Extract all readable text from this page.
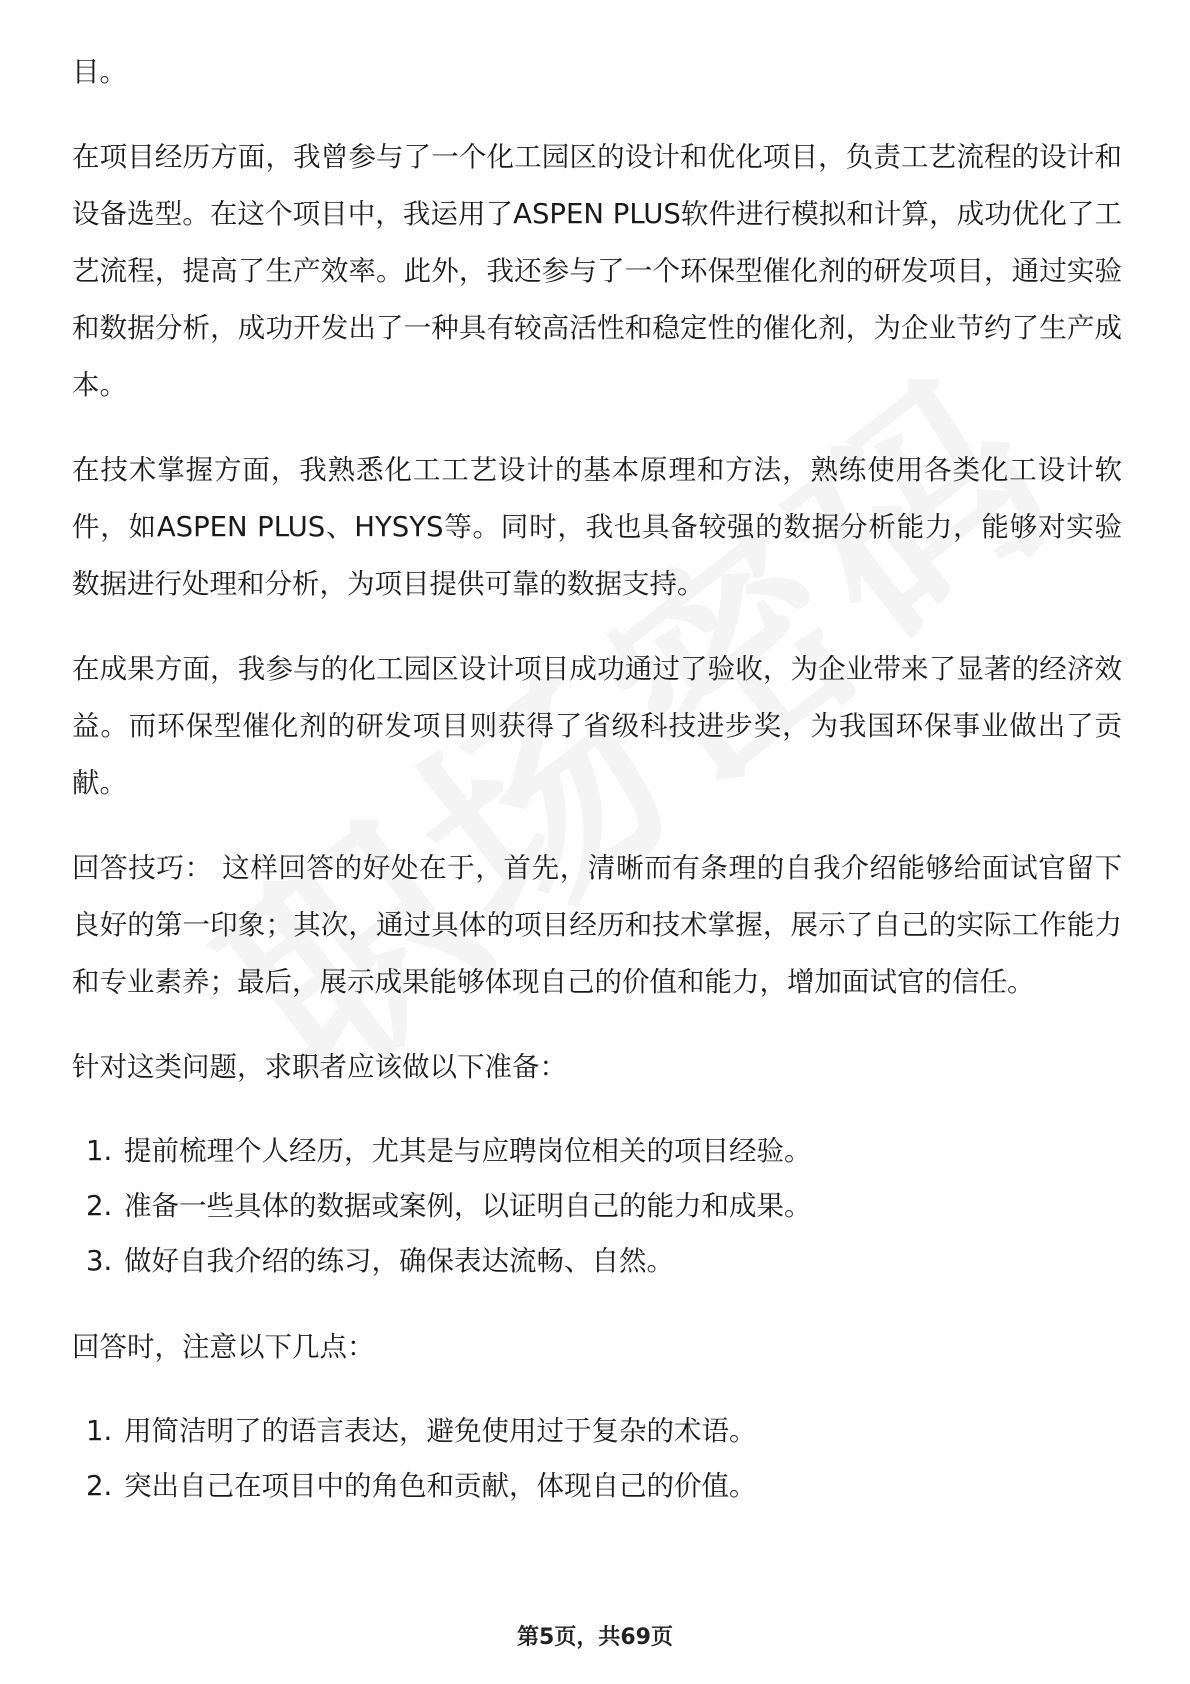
目。

在项目经历方面，我曾参与了一个化工园区的设计和优化项目，负责工艺流程的设计和设备选型。在这个项目中，我运用了ASPEN PLUS软件进行模拟和计算，成功优化了工艺流程，提高了生产效率。此外，我还参与了一个环保型催化剂的研发项目，通过实验和数据分析，成功开发出了一种具有较高活性和稳定性的催化剂，为企业节约了生产成本。

在技术掌握方面，我熟悉化工工艺设计的基本原理和方法，熟练使用各类化工设计软件，如ASPEN PLUS、HYSYS等。同时，我也具备较强的数据分析能力，能够对实验数据进行处理和分析，为项目提供可靠的数据支持。

在成果方面，我参与的化工园区设计项目成功通过了验收，为企业带来了显著的经济效益。而环保型催化剂的研发项目则获得了省级科技进步奖，为我国环保事业做出了贡献。

回答技巧： 这样回答的好处在于，首先，清晰而有条理的自我介绍能够给面试官留下良好的第一印象；其次，通过具体的项目经历和技术掌握，展示了自己的实际工作能力和专业素养；最后，展示成果能够体现自己的价值和能力，增加面试官的信任。

针对这类问题，求职者应该做以下准备：

1. 提前梳理个人经历，尤其是与应聘岗位相关的项目经验。
2. 准备一些具体的数据或案例，以证明自己的能力和成果。
3. 做好自我介绍的练习，确保表达流畅、自然。

回答时，注意以下几点：

1. 用简洁明了的语言表达，避免使用过于复杂的术语。
2. 突出自己在项目中的角色和贡献，体现自己的价值。
第5页，共69页
